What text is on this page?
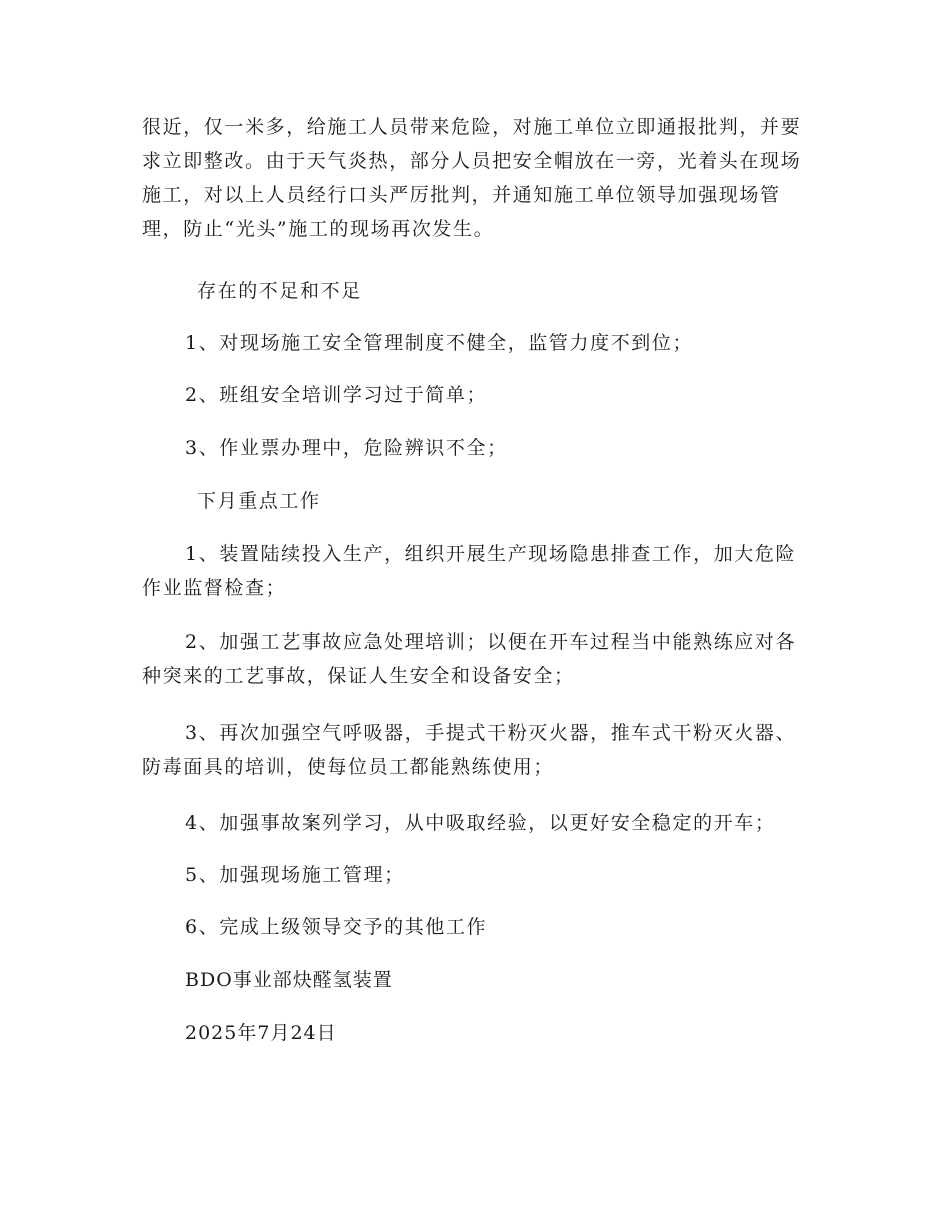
很近，仅一米多，给施工人员带来危险，对施工单位立即通报批判，并要求立即整改。由于天气炎热，部分人员把安全帽放在一旁，光着头在现场施工，对以上人员经行口头严厉批判，并通知施工单位领导加强现场管理，防止“光头”施工的现场再次发生。

存在的不足和不足

1、对现场施工安全管理制度不健全，监管力度不到位；

2、班组安全培训学习过于简单；

3、作业票办理中，危险辨识不全；

下月重点工作

1、装置陆续投入生产，组织开展生产现场隐患排查工作，加大危险作业监督检查；

2、加强工艺事故应急处理培训；以便在开车过程当中能熟练应对各种突来的工艺事故，保证人生安全和设备安全；

3、再次加强空气呼吸器，手提式干粉灭火器，推车式干粉灭火器、防毒面具的培训，使每位员工都能熟练使用；

4、加强事故案列学习，从中吸取经验，以更好安全稳定的开车；

5、加强现场施工管理；

6、完成上级领导交予的其他工作

BDO事业部炔醛氢装置

2025年7月24日
